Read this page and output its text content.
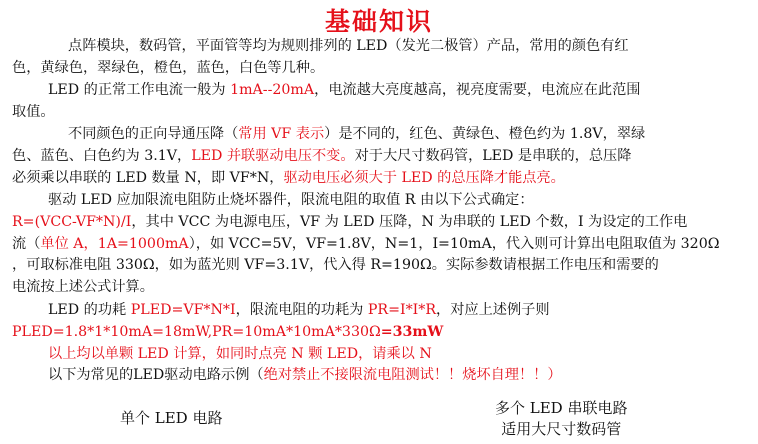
基础知识
点阵模块，数码管，平面管等均为规则排列的 LED（发光二极管）产品，常用的颜色有红
色，黄绿色，翠绿色，橙色，蓝色，白色等几种。
LED 的正常工作电流一般为 1mA--20mA，电流越大亮度越高，视亮度需要，电流应在此范围
取值。
不同颜色的正向导通压降（常用 VF 表示）是不同的，红色、黄绿色、橙色约为 1.8V，翠绿
色、蓝色、白色约为 3.1V，LED 并联驱动电压不变。对于大尺寸数码管，LED 是串联的，总压降
必须乘以串联的 LED 数量 N，即 VF*N，驱动电压必须大于 LED 的总压降才能点亮。
驱动 LED 应加限流电阻防止烧坏器件，限流电阻的取值 R 由以下公式确定：
R=(VCC-VF*N)/I，其中 VCC 为电源电压，VF 为 LED 压降，N 为串联的 LED 个数，I 为设定的工作电
流（单位 A，1A=1000mA），如 VCC=5V，VF=1.8V，N=1，I=10mA，代入则可计算出电阻取值为 320Ω
，可取标准电阻 330Ω，如为蓝光则 VF=3.1V，代入得 R=190Ω。实际参数请根据工作电压和需要的
电流按上述公式计算。
LED 的功耗 PLED=VF*N*I，限流电阻的功耗为 PR=I*I*R，对应上述例子则
PLED=1.8*1*10mA=18mW,PR=10mA*10mA*330Ω=33mW
以上均以单颗 LED 计算，如同时点亮 N 颗 LED，请乘以 N
以下为常见的LED驱动电路示例（绝对禁止不接限流电阻测试！！烧坏自理！！）
单个 LED 电路
多个 LED 串联电路
适用大尺寸数码管
